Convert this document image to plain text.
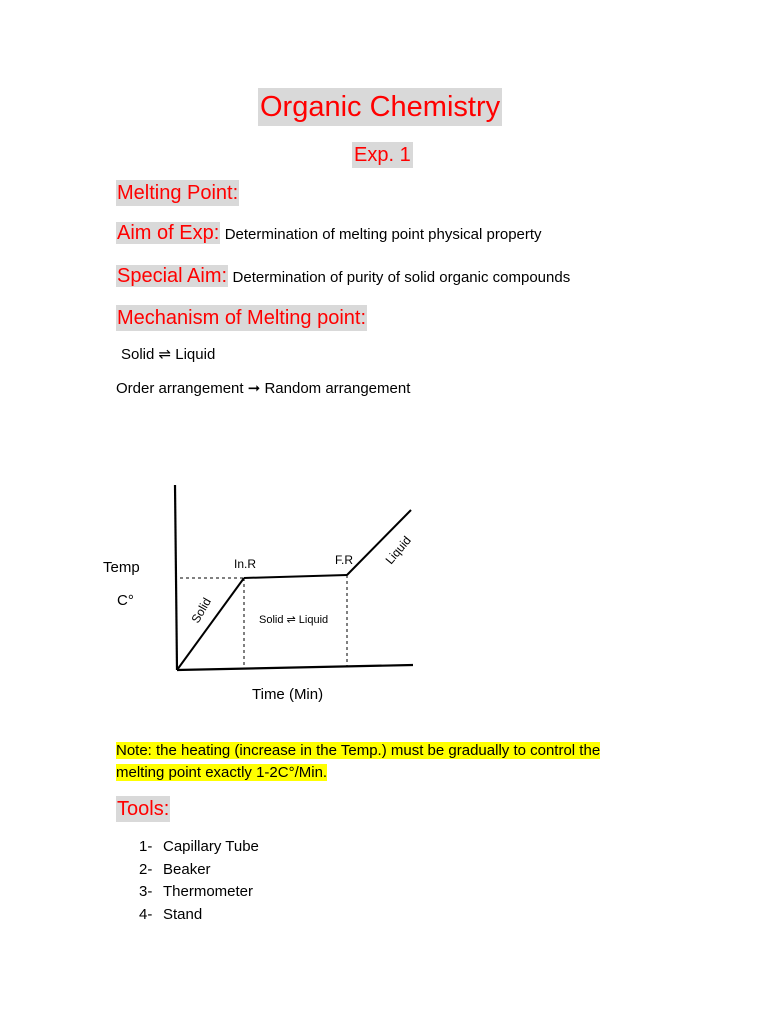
Organic Chemistry
Exp. 1
Melting Point:
Aim of Exp: Determination of melting point physical property
Special Aim: Determination of purity of solid organic compounds
Mechanism of Melting point:
Solid ⇌ Liquid
Order arrangement ➞ Random arrangement
Temp
C°
In.R	F.R
Solid	Solid ⇌ Liquid
Liquid
Time (Min)
Note: the heating (increase in the Temp.) must be gradually to control the melting point exactly 1-2C°/Min.
Tools:
1- Capillary Tube
2- Beaker
3- Thermometer
4- Stand
